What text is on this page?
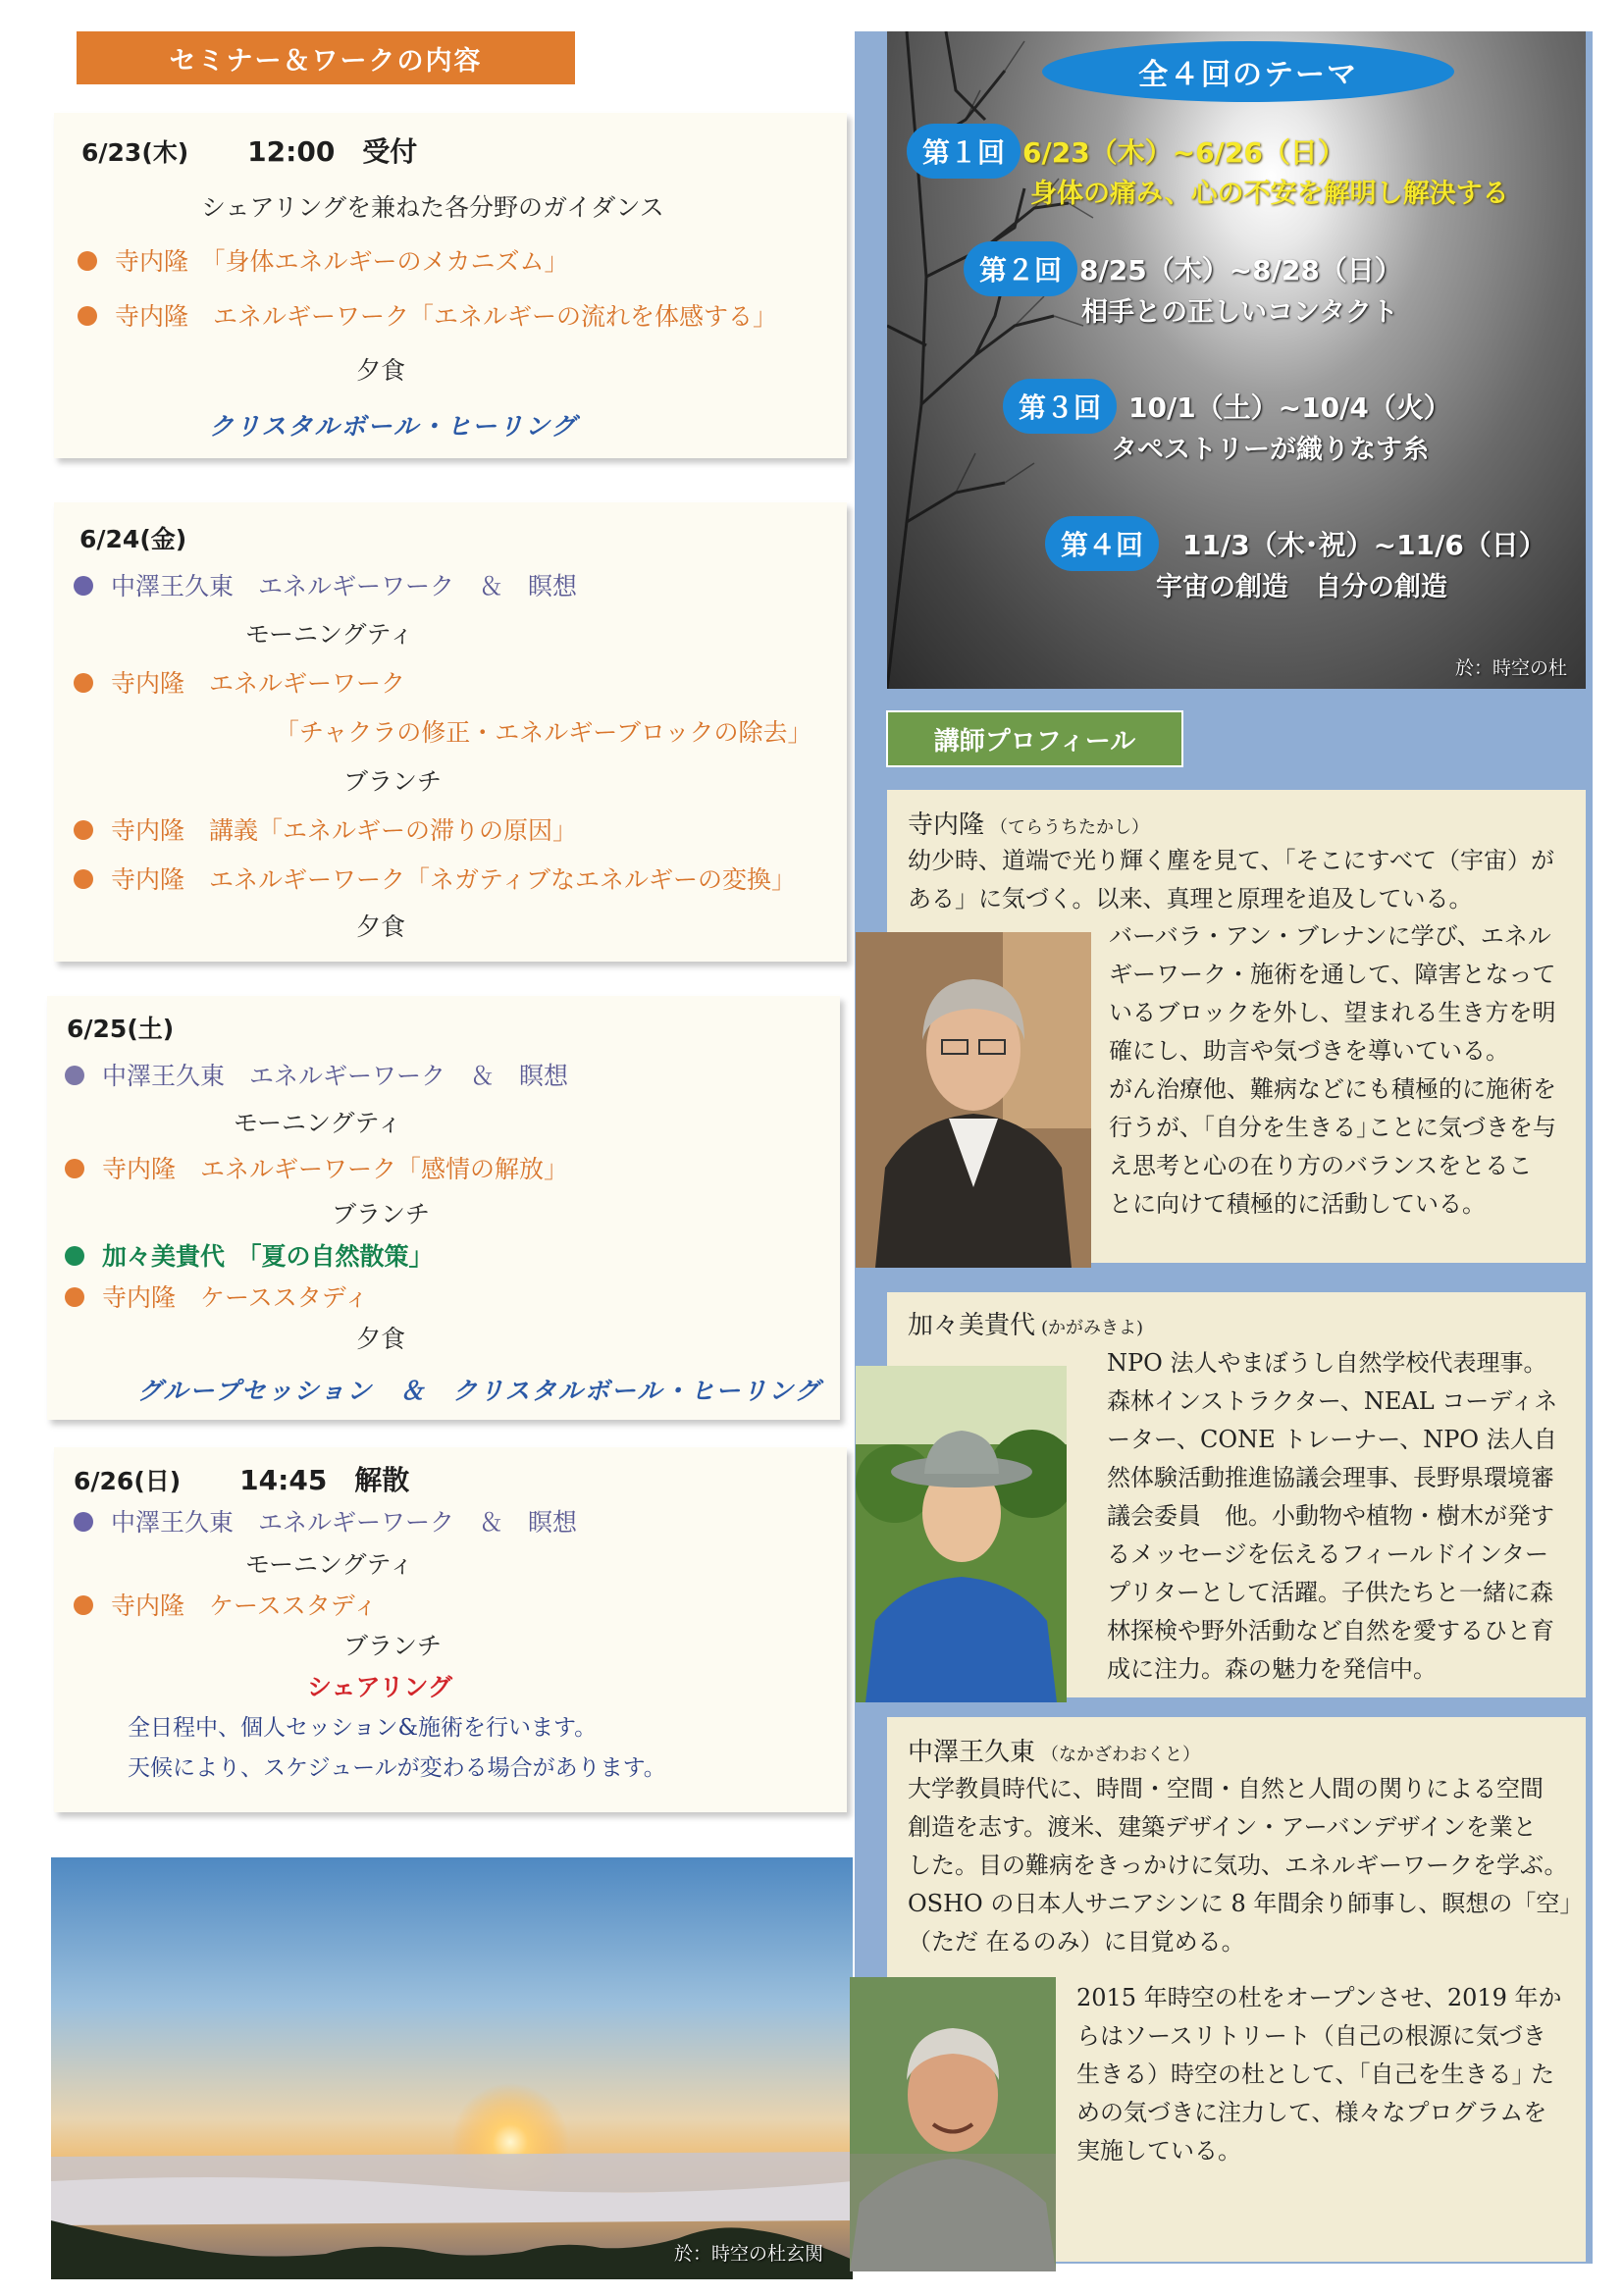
セミナー＆ワークの内容
6/23(木) 12:00　受付
シェアリングを兼ねた各分野のガイダンス
寺内隆　「身体エネルギーのメカニズム」
寺内隆　エネルギーワーク「エネルギーの流れを体感する」
夕食
クリスタルボール・ヒーリング
6/24(金)
中澤王久東　エネルギーワーク　＆　瞑想
モーニングティ
寺内隆　エネルギーワーク
「チャクラの修正・エネルギーブロックの除去」
ブランチ
寺内隆　講義「エネルギーの滞りの原因」
寺内隆　エネルギーワーク「ネガティブなエネルギーの変換」
夕食
6/25(土)
中澤王久東　エネルギーワーク　＆　瞑想
モーニングティ
寺内隆　エネルギーワーク「感情の解放」
ブランチ
加々美貴代　「夏の自然散策」
寺内隆　ケーススタディ
夕食
グループセッション　＆　クリスタルボール・ヒーリング
6/26(日) 14:45　解散
中澤王久東　エネルギーワーク　＆　瞑想
モーニングティ
寺内隆　ケーススタディ
ブランチ
シェアリング
全日程中、個人セッション&施術を行います。
天候により、スケジュールが変わる場合があります。
於：時空の杜玄関
全４回のテーマ
第１回 6/23（木）~6/26（日）
身体の痛み、心の不安を解明し解決する
第２回 8/25（木）~8/28（日）
相手との正しいコンタクト
第３回 10/1（土）~10/4（火）
タペストリーが織りなす糸
第４回	11/3（木･祝）~11/6（日）
宇宙の創造　自分の創造
於：時空の杜
講師プロフィール
寺内隆 （てらうちたかし）
幼少時、道端で光り輝く塵を見て、「そこにすべて（宇宙）が
ある」に気づく。以来、真理と原理を追及している。
バーバラ・アン・ブレナンに学び、エネル
ギーワーク・施術を通して、障害となって
いるブロックを外し、望まれる生き方を明
確にし、助言や気づきを導いている。
がん治療他、難病などにも積極的に施術を
行うが、｢自分を生きる｣ことに気づきを与
え思考と心の在り方のバランスをとるこ
とに向けて積極的に活動している。
加々美貴代 (かがみきよ)
NPO 法人やまぼうし自然学校代表理事。
森林インストラクター、NEAL コーディネ
ーター、CONE トレーナー、NPO 法人自
然体験活動推進協議会理事、長野県環境審
議会委員　他。小動物や植物・樹木が発す
るメッセージを伝えるフィールドインター
プリターとして活躍。子供たちと一緒に森
林探検や野外活動など自然を愛するひと育
成に注力。森の魅力を発信中。
中澤王久東 （なかざわおくと）
大学教員時代に、時間・空間・自然と人間の関りによる空間
創造を志す。渡米、建築デザイン・アーバンデザインを業と
した。目の難病をきっかけに気功、エネルギーワークを学ぶ。
OSHO の日本人サニアシンに 8 年間余り師事し、瞑想の「空」
（ただ 在るのみ）に目覚める。
2015 年時空の杜をオープンさせ、2019 年か
らはソースリトリート（自己の根源に気づき
生きる）時空の杜として、｢自己を生きる｣ た
めの気づきに注力して、様々なプログラムを
実施している。
